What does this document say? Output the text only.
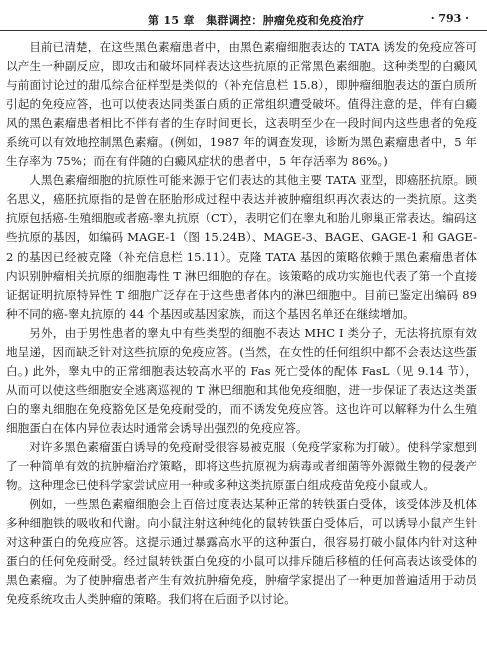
第 15 章　集群调控：肿瘤免疫和免疫治疗	· 793 ·

目前已清楚，在这些黑色素瘤患者中，由黑色素瘤细胞表达的 TATA 诱发的免疫应答可以产生一种副反应，即攻击和破坏同样表达这些抗原的正常黑色素细胞。这种类型的白癜风与前面讨论过的甜瓜综合征样型是类似的（补充信息栏 15.8），即肿瘤细胞表达的蛋白质所引起的免疫应答，也可以使表达同类蛋白质的正常组织遭受破坏。值得注意的是，伴有白癜风的黑色素瘤患者相比不伴有者的生存时间更长，这表明至少在一段时间内这些患者的免疫系统可以有效地控制黑色素瘤。(例如，1987 年的调查发现，诊断为黑色素瘤患者中，5 年生存率为 75%；而在有伴随的白癜风症状的患者中，5 年存活率为 86%。)

人黑色素瘤细胞的抗原性可能来源于它们表达的其他主要 TATA 亚型，即癌胚抗原。顾名思义，癌胚抗原指的是曾在胚胎形成过程中表达并被肿瘤组织再次表达的一类抗原。这类抗原包括癌-生殖细胞或者癌-睾丸抗原（CT），表明它们在睾丸和胎儿卵巢正常表达。编码这些抗原的基因，如编码 MAGE-1（图 15.24B）、MAGE-3、BAGE、GAGE-1 和 GAGE-2 的基因已经被克隆（补充信息栏 15.11）。克隆 TATA 基因的策略依赖于黑色素瘤患者体内识别肿瘤相关抗原的细胞毒性 T 淋巴细胞的存在。该策略的成功实施也代表了第一个直接证据证明抗原特异性 T 细胞广泛存在于这些患者体内的淋巴细胞中。目前已鉴定出编码 89 种不同的癌-睾丸抗原的 44 个基因或基因家族，而这个基因名单还在继续增加。

另外，由于男性患者的睾丸中有些类型的细胞不表达 MHC I 类分子，无法将抗原有效地呈递，因而缺乏针对这些抗原的免疫应答。(当然，在女性的任何组织中都不会表达这些蛋白。) 此外，睾丸中的正常细胞表达较高水平的 Fas 死亡受体的配体 FasL（见 9.14 节），从而可以使这些细胞安全逃离巡视的 T 淋巴细胞和其他免疫细胞，进一步保证了表达这类蛋白的睾丸细胞在免疫豁免区是免疫耐受的，而不诱发免疫应答。这也许可以解释为什么生殖细胞蛋白在体内异位表达时通常会诱导出强烈的免疫应答。

对许多黑色素瘤蛋白诱导的免疫耐受很容易被克服（免疫学家称为打破）。使科学家想到了一种简单有效的抗肿瘤治疗策略，即将这些抗原视为病毒或者细菌等外源微生物的侵袭产物。这种理念已使科学家尝试应用一种或多种这类抗原蛋白组成疫苗免疫小鼠或人。

例如，一些黑色素瘤细胞会上百倍过度表达某种正常的转铁蛋白受体，该受体涉及机体多种细胞铁的吸收和代谢。向小鼠注射这种纯化的鼠转铁蛋白受体后，可以诱导小鼠产生针对这种蛋白的免疫应答。这提示通过暴露高水平的这种蛋白，很容易打破小鼠体内针对这种蛋白的任何免疫耐受。经过鼠转铁蛋白免疫的小鼠可以排斥随后移植的任何高表达该受体的黑色素瘤。为了使肿瘤患者产生有效抗肿瘤免疫，肿瘤学家提出了一种更加普遍适用于动员免疫系统攻击人类肿瘤的策略。我们将在后面予以讨论。
